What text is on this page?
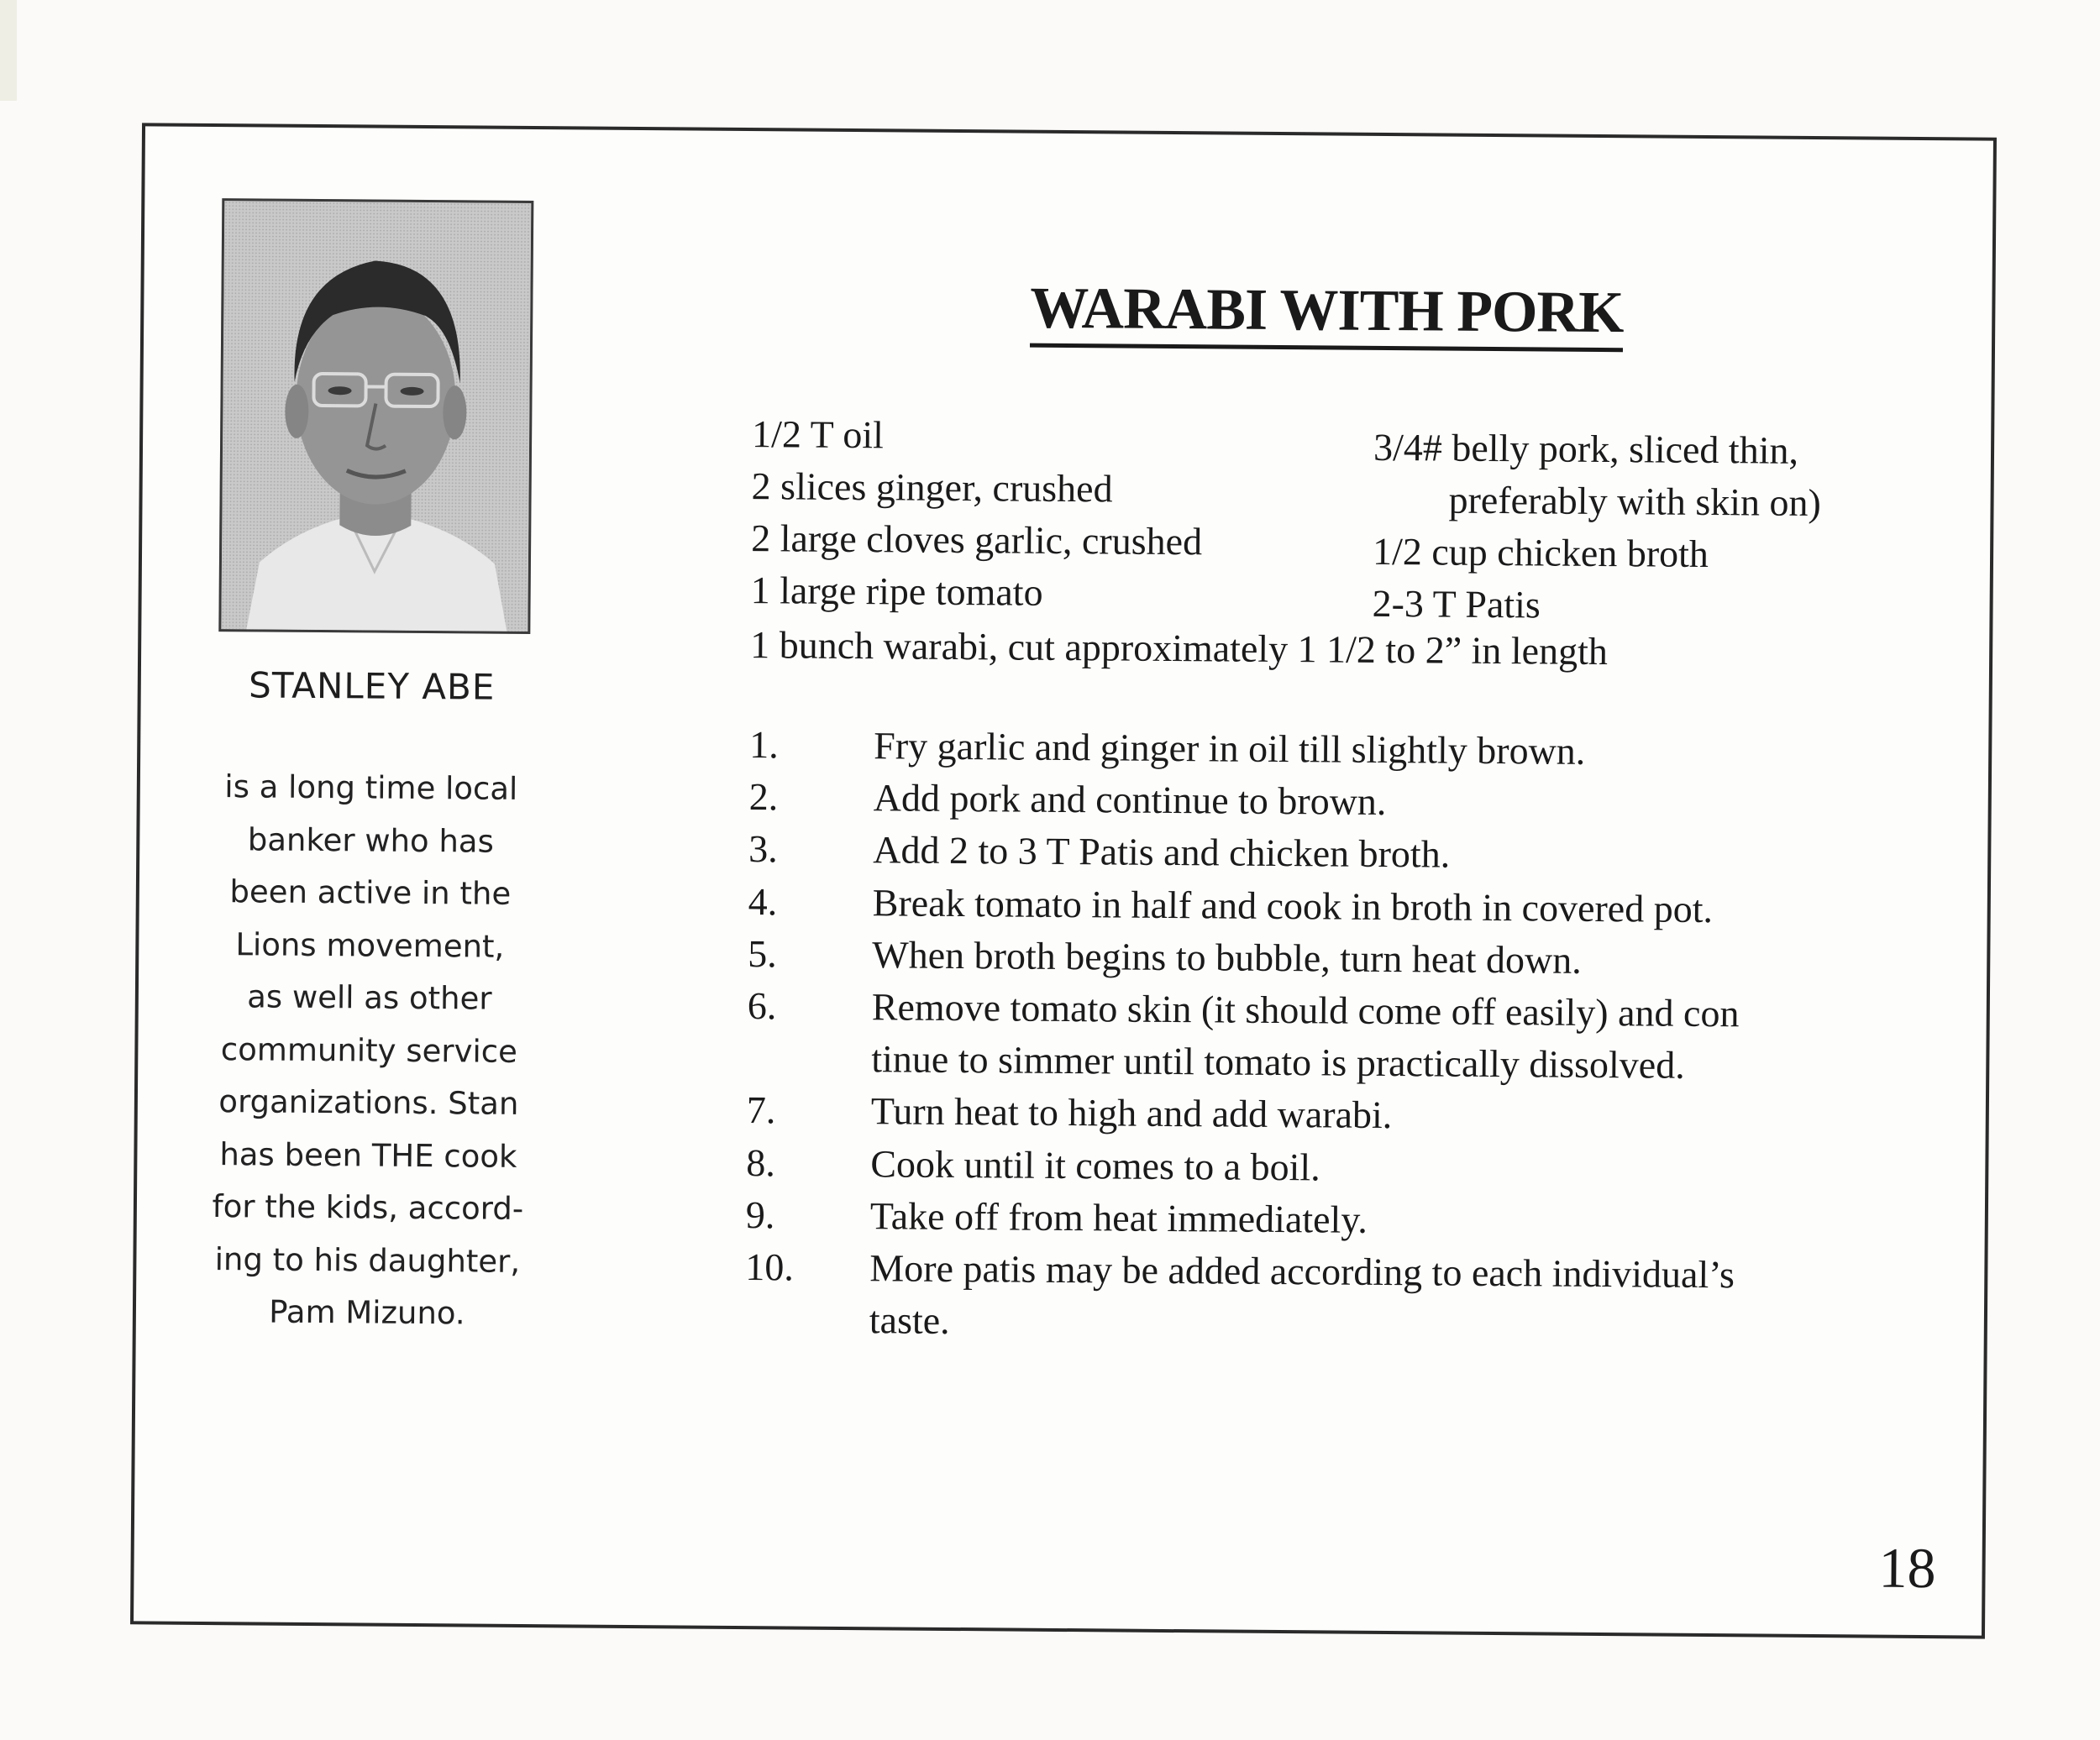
STANLEY ABE
is a long time local
banker who has
been active in the
Lions movement,
as well as other
community service
organizations. Stan
has been THE cook
for the kids, accord-
ing to his daughter,
Pam Mizuno.
WARABI WITH PORK
1/2 T oil
2 slices ginger, crushed
2 large cloves garlic, crushed
1 large ripe tomato
3/4# belly pork, sliced thin,
preferably with skin on)
1/2 cup chicken broth
2-3 T Patis
1 bunch warabi, cut approximately 1 1/2 to 2” in length
1.	Fry garlic and ginger in oil till slightly brown.
2.	Add pork and continue to brown.
3.	Add 2 to 3 T Patis and chicken broth.
4.	Break tomato in half and cook in broth in covered pot.
5.	When broth begins to bubble, turn heat down.
6.	Remove tomato skin (it should come off easily) and con
tinue to simmer until tomato is practically dissolved.
7.	Turn heat to high and add warabi.
8.	Cook until it comes to a boil.
9.	Take off from heat immediately.
10.	More patis may be added according to each individual’s
taste.
18
